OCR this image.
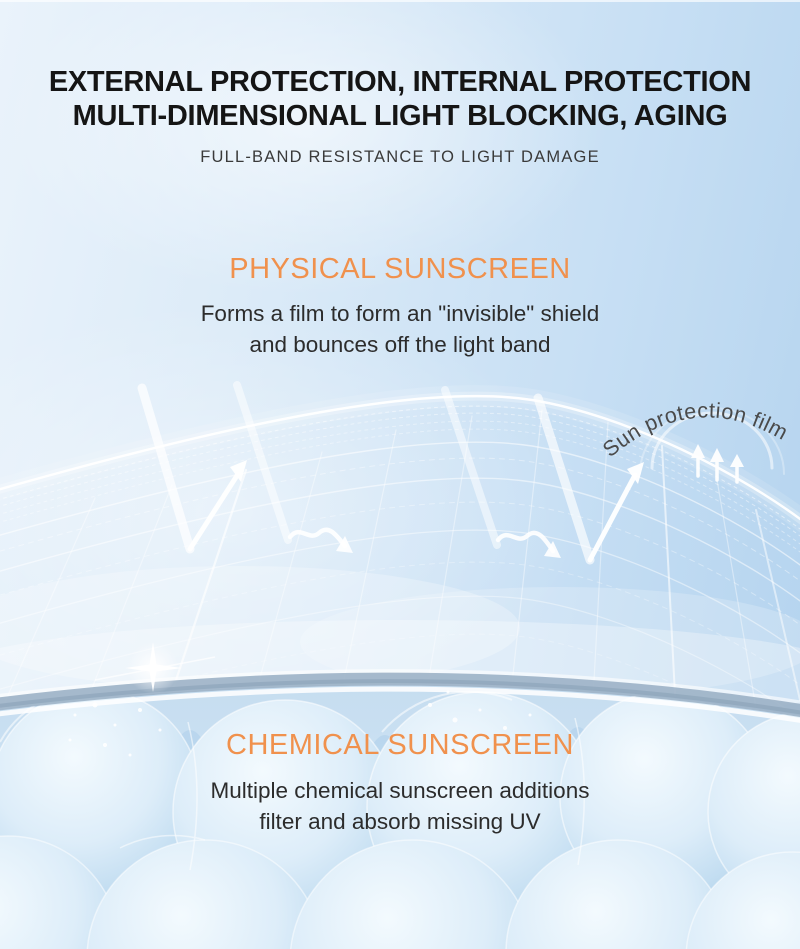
Sun protection film
EXTERNAL PROTECTION, INTERNAL PROTECTION
MULTI-DIMENSIONAL LIGHT BLOCKING, AGING
FULL-BAND RESISTANCE TO LIGHT DAMAGE
PHYSICAL SUNSCREEN

Forms a film to form an "invisible" shield
and bounces off the light band

CHEMICAL SUNSCREEN

Multiple chemical sunscreen additions
filter and absorb missing UV
